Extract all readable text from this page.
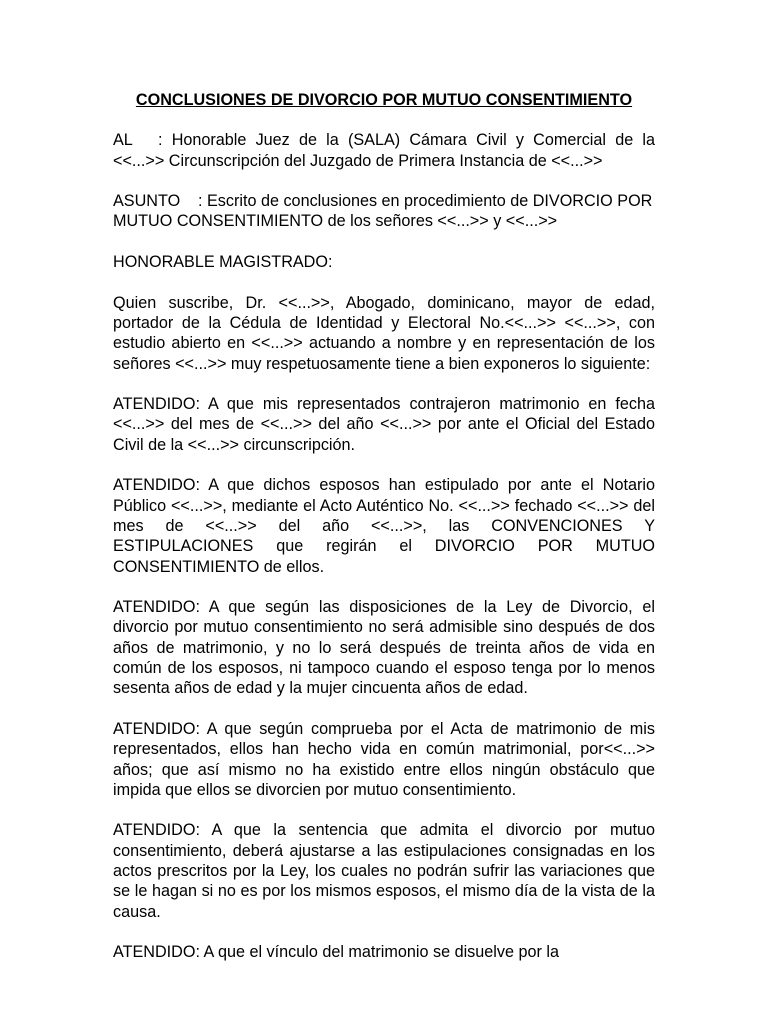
CONCLUSIONES DE DIVORCIO POR MUTUO CONSENTIMIENTO
AL : Honorable Juez de la (SALA) Cámara Civil y Comercial de la <<...>> Circunscripción del Juzgado de Primera Instancia de <<...>>
ASUNTO : Escrito de conclusiones en procedimiento de DIVORCIO POR MUTUO CONSENTIMIENTO de los señores <<...>> y <<...>>
HONORABLE MAGISTRADO:

Quien suscribe, Dr. <<...>>, Abogado, dominicano, mayor de edad, portador de la Cédula de Identidad y Electoral No.<<...>> <<...>>, con estudio abierto en <<...>> actuando a nombre y en representación de los señores <<...>> muy respetuosamente tiene a bien exponeros lo siguiente:

ATENDIDO: A que mis representados contrajeron matrimonio en fecha <<...>> del mes de <<...>> del año <<...>> por ante el Oficial del Estado Civil de la <<...>> circunscripción.

ATENDIDO: A que dichos esposos han estipulado por ante el Notario Público <<...>>, mediante el Acto Auténtico No. <<...>> fechado <<...>> del mes de <<...>> del año <<...>>, las CONVENCIONES Y ESTIPULACIONES que regirán el DIVORCIO POR MUTUO CONSENTIMIENTO de ellos.

ATENDIDO: A que según las disposiciones de la Ley de Divorcio, el divorcio por mutuo consentimiento no será admisible sino después de dos años de matrimonio, y no lo será después de treinta años de vida en común de los esposos, ni tampoco cuando el esposo tenga por lo menos sesenta años de edad y la mujer cincuenta años de edad.

ATENDIDO: A que según comprueba por el Acta de matrimonio de mis representados, ellos han hecho vida en común matrimonial, por<<...>> años; que así mismo no ha existido entre ellos ningún obstáculo que impida que ellos se divorcien por mutuo consentimiento.

ATENDIDO: A que la sentencia que admita el divorcio por mutuo consentimiento, deberá ajustarse a las estipulaciones consignadas en los actos prescritos por la Ley, los cuales no podrán sufrir las variaciones que se le hagan si no es por los mismos esposos, el mismo día de la vista de la causa.

ATENDIDO: A que el vínculo del matrimonio se disuelve por la
